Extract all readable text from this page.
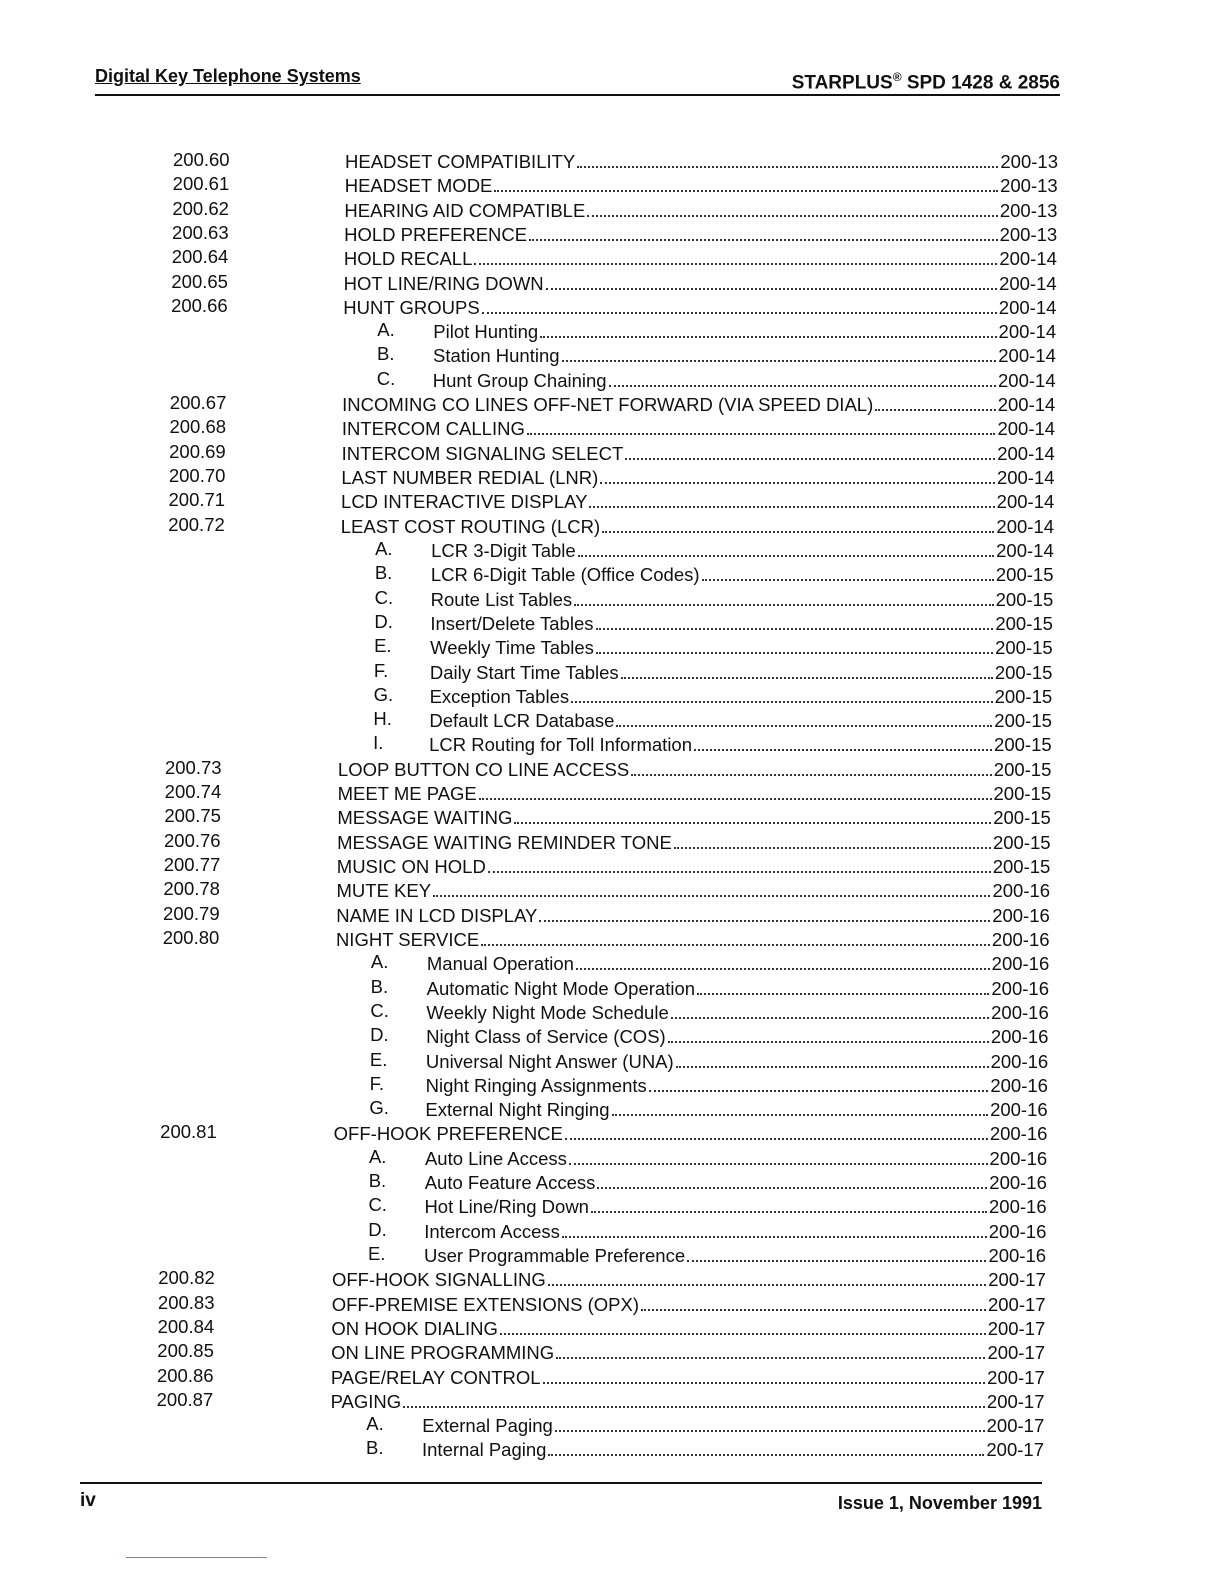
Digital Key Telephone Systems	STARPLUS® SPD 1428 & 2856
200.60	HEADSET COMPATIBILITY	200-13
200.61	HEADSET MODE	200-13
200.62	HEARING AID COMPATIBLE	200-13
200.63	HOLD PREFERENCE	200-13
200.64	HOLD RECALL	200-14
200.65	HOT LINE/RING DOWN	200-14
200.66	HUNT GROUPS	200-14
A. Pilot Hunting	200-14
B. Station Hunting	200-14
C. Hunt Group Chaining	200-14
200.67	INCOMING CO LINES OFF-NET FORWARD (VIA SPEED DIAL)	200-14
200.68	INTERCOM CALLING	200-14
200.69	INTERCOM SIGNALING SELECT	200-14
200.70	LAST NUMBER REDIAL (LNR)	200-14
200.71	LCD INTERACTIVE DISPLAY	200-14
200.72	LEAST COST ROUTING (LCR)	200-14
A. LCR 3-Digit Table	200-14
B. LCR 6-Digit Table (Office Codes)	200-15
C. Route List Tables	200-15
D. Insert/Delete Tables	200-15
E. Weekly Time Tables	200-15
F. Daily Start Time Tables	200-15
G. Exception Tables	200-15
H. Default LCR Database	200-15
I. LCR Routing for Toll Information	200-15
200.73	LOOP BUTTON CO LINE ACCESS	200-15
200.74	MEET ME PAGE	200-15
200.75	MESSAGE WAITING	200-15
200.76	MESSAGE WAITING REMINDER TONE	200-15
200.77	MUSIC ON HOLD	200-15
200.78	MUTE KEY	200-16
200.79	NAME IN LCD DISPLAY	200-16
200.80	NIGHT SERVICE	200-16
A. Manual Operation	200-16
B. Automatic Night Mode Operation	200-16
C. Weekly Night Mode Schedule	200-16
D. Night Class of Service (COS)	200-16
E. Universal Night Answer (UNA)	200-16
F. Night Ringing Assignments	200-16
G. External Night Ringing	200-16
200.81	OFF-HOOK PREFERENCE	200-16
A. Auto Line Access	200-16
B. Auto Feature Access	200-16
C. Hot Line/Ring Down	200-16
D. Intercom Access	200-16
E. User Programmable Preference	200-16
200.82	OFF-HOOK SIGNALLING	200-17
200.83	OFF-PREMISE EXTENSIONS (OPX)	200-17
200.84	ON HOOK DIALING	200-17
200.85	ON LINE PROGRAMMING	200-17
200.86	PAGE/RELAY CONTROL	200-17
200.87	PAGING	200-17
A. External Paging	200-17
B. Internal Paging	200-17
iv	Issue 1, November 1991
